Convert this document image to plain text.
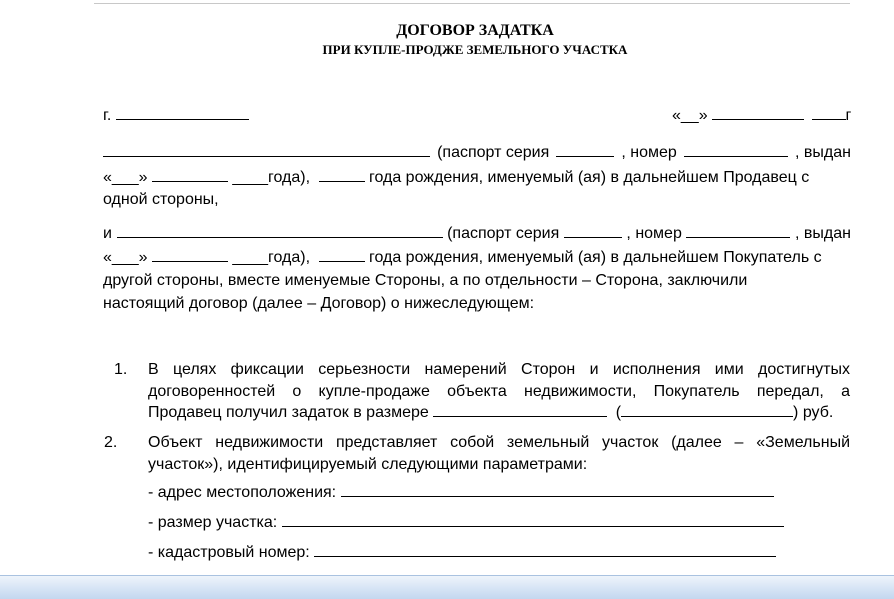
ДОГОВОР ЗАДАТКА
ПРИ КУПЛЕ-ПРОДЖЕ ЗЕМЕЛЬНОГО УЧАСТКА
г.	«__»	г
(паспорт серия	, номер	, выдан
«___»	____года),	года рождения, именуемый (ая) в дальнейшем Продавец с
одной стороны,
и	(паспорт серия	, номер	, выдан
«___»	____года),	года рождения, именуемый (ая) в дальнейшем Покупатель с
другой стороны, вместе именуемые Стороны, а по отдельности – Сторона, заключили
настоящий договор (далее – Договор) о нижеследующем:
1. В целях фиксации серьезности намерений Сторон и исполнения ими достигнутых
договоренностей о купле-продаже объекта недвижимости, Покупатель передал, а
Продавец получил задаток в размере	(	) руб.
2. Объект недвижимости представляет собой земельный участок (далее – «Земельный
участок»), идентифицируемый следующими параметрами:
- адрес местоположения:
- размер участка:
- кадастровый номер:
